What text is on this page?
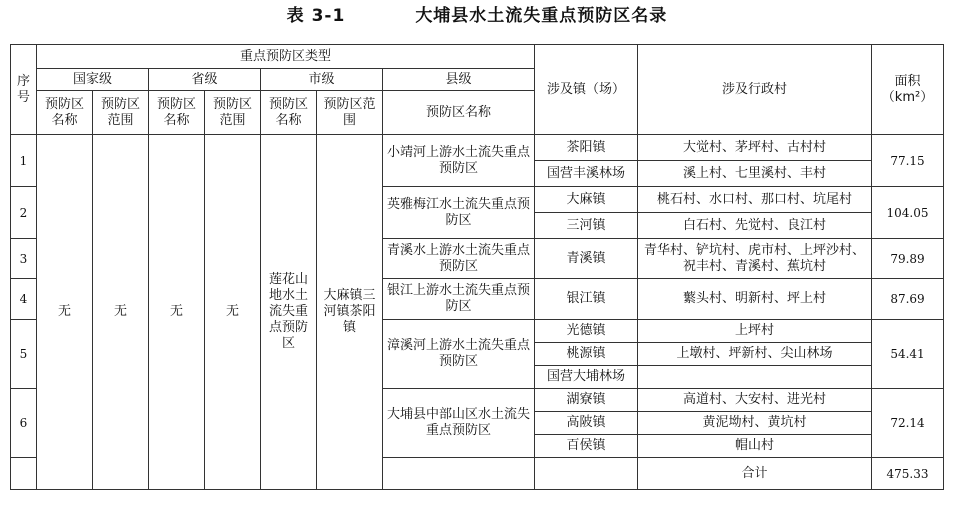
表 3-1	大埔县水土流失重点预防区名录
序号	重点预防区类型							涉及镇（场）	涉及行政村	面积（km²）
	国家级		省级		市级		县级			
	预防区名称	预防区范围	预防区名称	预防区范围	预防区名称	预防区范围	预防区名称			
1	无	无	无	无	莲花山地水土流失重点预防区	大麻镇三河镇茶阳镇	小靖河上游水土流失重点预防区	茶阳镇	大觉村、茅坪村、古村村	77.15
								国营丰溪林场	溪上村、七里溪村、丰村	
2							英雅梅江水土流失重点预防区	大麻镇	桃石村、水口村、那口村、坑尾村	104.05
								三河镇	白石村、先觉村、良江村	
3							青溪水上游水土流失重点预防区	青溪镇	青华村、铲坑村、虎市村、上坪沙村、祝丰村、青溪村、蕉坑村	79.89
4							银江上游水土流失重点预防区	银江镇	蘩头村、明新村、坪上村	87.69
5							漳溪河上游水土流失重点预防区	光德镇	上坪村	54.41
								桃源镇	上墩村、坪新村、尖山林场	
								国营大埔林场		
6							大埔县中部山区水土流失重点预防区	湖寮镇	高道村、大安村、进光村	72.14
								高陂镇	黄泥坳村、黄坑村	
								百侯镇	帽山村	
									合计	475.33
